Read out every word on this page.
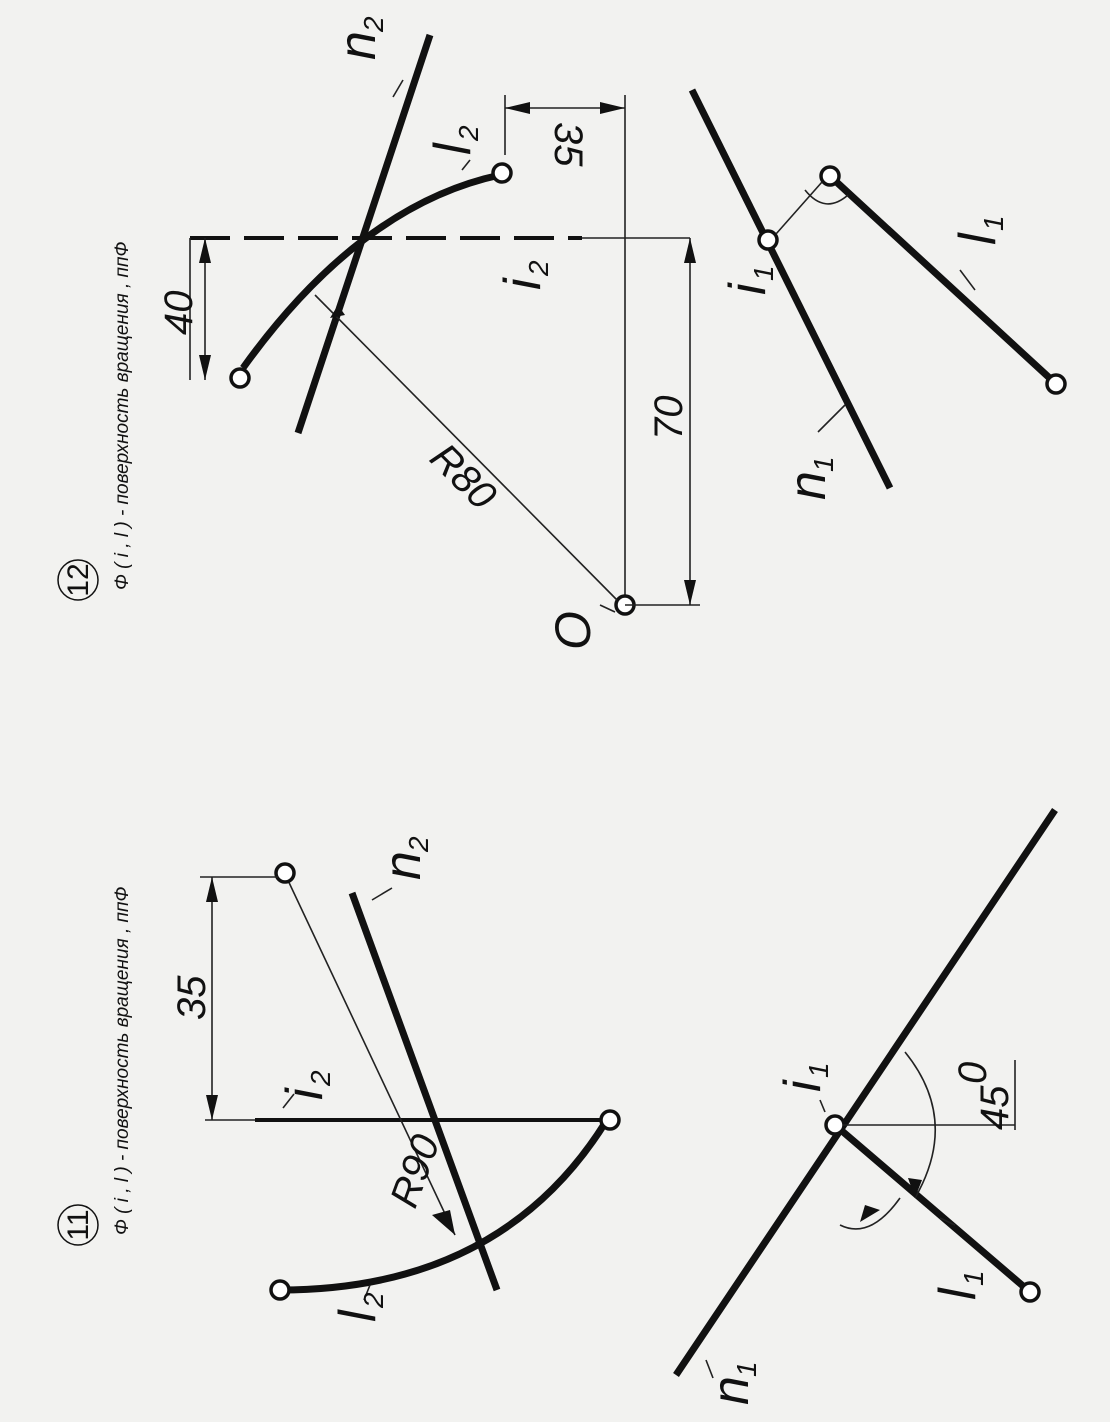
12 Φ ( i , l ) - поверхность вращения , ппФ
n
2
l
2
i
2
i
1
n
1
l
1
O
40
70
35
R80
11 Φ ( i , l ) - поверхность вращения , ппФ
n
2
i
2
l
2
i
1
n
1
l
1
35
R90
45
0
